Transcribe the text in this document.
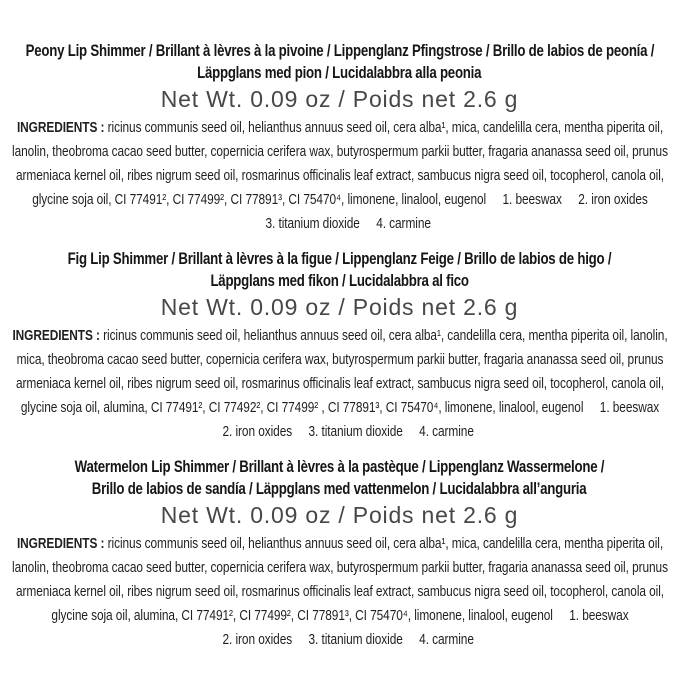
Peony Lip Shimmer / Brillant à lèvres à la pivoine / Lippenglanz Pfingstrose / Brillo de labios de peonía /
Läppglans med pion / Lucidalabbra alla peonia
Net Wt. 0.09 oz / Poids net 2.6 g

INGREDIENTS : ricinus communis seed oil, helianthus annuus seed oil, cera alba¹, mica, candelilla cera, mentha piperita oil, lanolin, theobroma cacao seed butter, copernicia cerifera wax, butyrospermum parkii butter, fragaria ananassa seed oil, prunus armeniaca kernel oil, ribes nigrum seed oil, rosmarinus officinalis leaf extract, sambucus nigra seed oil, tocopherol, canola oil, glycine soja oil, CI 77491², CI 77499², CI 77891³, CI 75470⁴, limonene, linalool, eugenol 1. beeswax 2. iron oxides3. titanium dioxide 4. carmine

Fig Lip Shimmer / Brillant à lèvres à la figue / Lippenglanz Feige / Brillo de labios de higo /
Läppglans med fikon / Lucidalabbra al fico
Net Wt. 0.09 oz / Poids net 2.6 g

INGREDIENTS : ricinus communis seed oil, helianthus annuus seed oil, cera alba¹, candelilla cera, mentha piperita oil, lanolin, mica, theobroma cacao seed butter, copernicia cerifera wax, butyrospermum parkii butter, fragaria ananassa seed oil, prunus armeniaca kernel oil, ribes nigrum seed oil, rosmarinus officinalis leaf extract, sambucus nigra seed oil, tocopherol, canola oil, glycine soja oil, alumina, CI 77491², CI 77492², CI 77499² , CI 77891³, CI 75470⁴, limonene, linalool, eugenol 1. beeswax2. iron oxides 3. titanium dioxide 4. carmine

Watermelon Lip Shimmer / Brillant à lèvres à la pastèque / Lippenglanz Wassermelone /
Brillo de labios de sandía / Läppglans med vattenmelon / Lucidalabbra all’anguria
Net Wt. 0.09 oz / Poids net 2.6 g

INGREDIENTS : ricinus communis seed oil, helianthus annuus seed oil, cera alba¹, mica, candelilla cera, mentha piperita oil, lanolin, theobroma cacao seed butter, copernicia cerifera wax, butyrospermum parkii butter, fragaria ananassa seed oil, prunus armeniaca kernel oil, ribes nigrum seed oil, rosmarinus officinalis leaf extract, sambucus nigra seed oil, tocopherol, canola oil, glycine soja oil, alumina, CI 77491², CI 77499², CI 77891³, CI 75470⁴, limonene, linalool, eugenol 1. beeswax2. iron oxides 3. titanium dioxide 4. carmine
